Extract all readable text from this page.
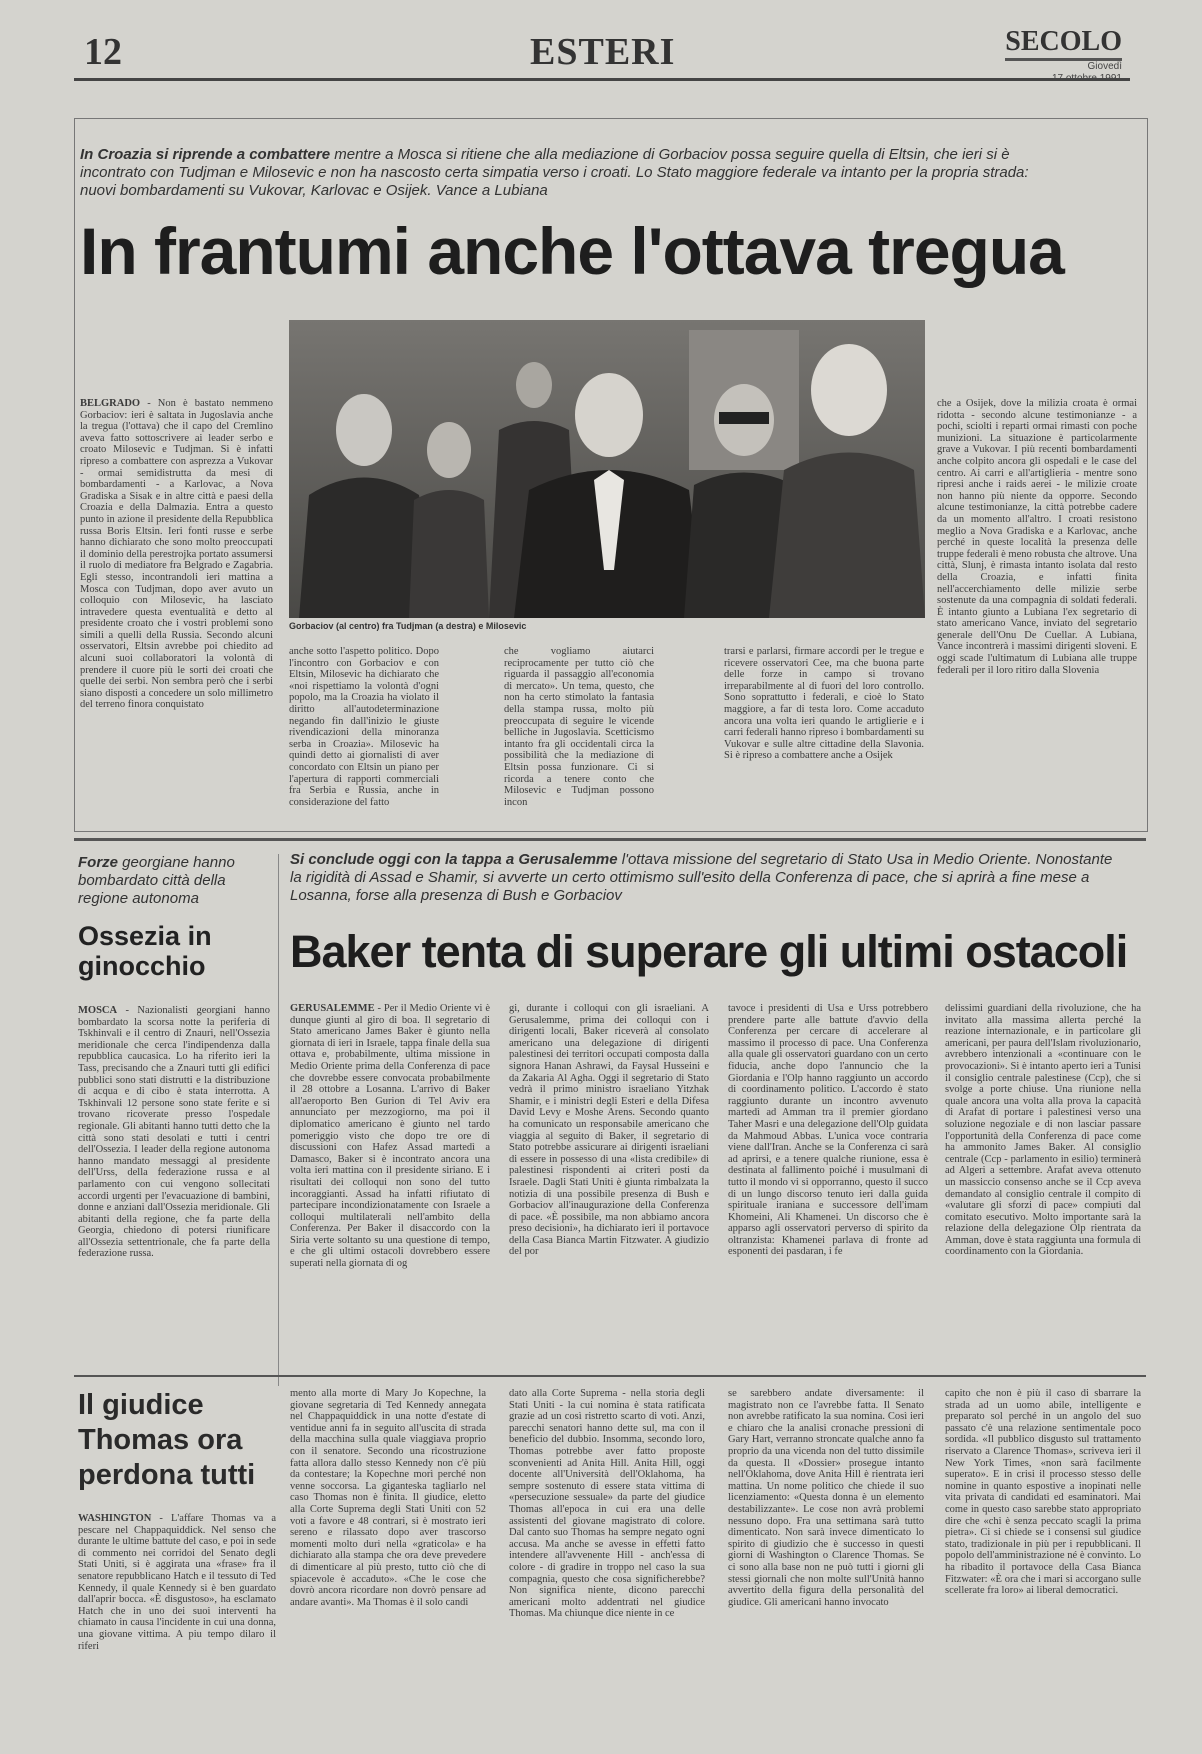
12	ESTERI	SECOLO
Giovedì
In Croazia si riprende a combattere mentre a Mosca si ritiene che alla mediazione di Gorbaciov possa seguire quella di Eltsin, che ieri si è incontrato con Tudjman e Milosevic e non ha nascosto certa simpatia verso i croati. Lo Stato maggiore federale va intanto per la propria strada: nuovi bombardamenti su Vukovar, Karlovac e Osijek. Vance a Lubiana
In frantumi anche l'ottava tregua
Gorbaciov (al centro) fra Tudjman (a destra) e Milosevic
BELGRADO - Non è bastato nemmeno Gorbaciov: ieri è saltata in Jugoslavia anche la tregua (l'ottava) che il capo del Cremlino aveva fatto sottoscrivere ai leader serbo e croato Milosevic e Tudjman. Si è infatti ripreso a combattere con asprezza a Vukovar - ormai semidistrutta da mesi di bombardamenti - a Karlovac, a Nova Gradiska a Sisak e in altre città e paesi della Croazia e della Dalmazia. Entra a questo punto in azione il presidente della Repubblica russa Boris Eltsin. Ieri fonti russe e serbe hanno dichiarato che sono molto preoccupati il dominio della perestrojka portato assumersi il ruolo di mediatore fra Belgrado e Zagabria. Egli stesso, incontrandoli ieri mattina a Mosca con Tudjman, dopo aver avuto un colloquio con Milosevic, ha lasciato intravedere questa eventualità e detto al presidente croato che i vostri problemi sono simili a quelli della Russia. Secondo alcuni osservatori, Eltsin avrebbe poi chiedito ad alcuni suoi collaboratori la volontà di prendere il cuore più le sorti dei croati che quelle dei serbi. Non sembra però che i serbi siano disposti a concedere un solo millimetro del terreno finora conquistato
anche sotto l'aspetto politico. Dopo l'incontro con Gorbaciov e con Eltsin, Milosevic ha dichiarato che «noi rispettiamo la volontà d'ogni popolo, ma la Croazia ha violato il diritto all'autodeterminazione negando fin dall'inizio le giuste rivendicazioni della minoranza serba in Croazia». Milosevic ha quindi detto ai giornalisti di aver concordato con Eltsin un piano per l'apertura di rapporti commerciali fra Serbia e Russia, anche in considerazione del fatto
che vogliamo aiutarci reciprocamente per tutto ciò che riguarda il passaggio all'economia di mercato». Un tema, questo, che non ha certo stimolato la fantasia della stampa russa, molto più preoccupata di seguire le vicende belliche in Jugoslavia. Scetticismo intanto fra gli occidentali circa la possibilità che la mediazione di Eltsin possa funzionare. Ci si ricorda a tenere conto che Milosevic e Tudjman possono incon
trarsi e parlarsi, firmare accordi per le tregue e ricevere osservatori Cee, ma che buona parte delle forze in campo si trovano irreparabilmente al di fuori del loro controllo. Sono soprattutto i federali, e cioè lo Stato maggiore, a far di testa loro. Come accaduto ancora una volta ieri quando le artiglierie e i carri federali hanno ripreso i bombardamenti su Vukovar e sulle altre cittadine della Slavonia. Si è ripreso a combattere anche a Osijek
che a Osijek, dove la milizia croata è ormai ridotta - secondo alcune testimonianze - a pochi, sciolti i reparti ormai rimasti con poche munizioni. La situazione è particolarmente grave a Vukovar. I più recenti bombardamenti anche colpito ancora gli ospedali e le case del centro. Ai carri e all'artiglieria - mentre sono ripresi anche i raids aerei - le milizie croate non hanno più niente da opporre. Secondo alcune testimonianze, la città potrebbe cadere da un momento all'altro. I croati resistono meglio a Nova Gradiska e a Karlovac, anche perché in queste località la presenza delle truppe federali è meno robusta che altrove. Una città, Slunj, è rimasta intanto isolata dal resto della Croazia, e infatti finita nell'accerchiamento delle milizie serbe sostenute da una compagnia di soldati federali. È intanto giunto a Lubiana l'ex segretario di stato americano Vance, inviato del segretario generale dell'Onu De Cuellar. A Lubiana, Vance incontrerà i massimi dirigenti sloveni. E oggi scade l'ultimatum di Lubiana alle truppe federali per il loro ritiro dalla Slovenia
Forze georgiane hanno bombardato città della regione autonoma
Ossezia in ginocchio
MOSCA - Nazionalisti georgiani hanno bombardato la scorsa notte la periferia di Tskhinvali e il centro di Znauri, nell'Ossezia meridionale che cerca l'indipendenza dalla repubblica caucasica. Lo ha riferito ieri la Tass, precisando che a Znauri tutti gli edifici pubblici sono stati distrutti e la distribuzione di acqua e di cibo è stata interrotta. A Tskhinvali 12 persone sono state ferite e si trovano ricoverate presso l'ospedale regionale. Gli abitanti hanno tutti detto che la città sono stati desolati e tutti i centri dell'Ossezia. I leader della regione autonoma hanno mandato messaggi al presidente dell'Urss, della federazione russa e al parlamento con cui vengono sollecitati accordi urgenti per l'evacuazione di bambini, donne e anziani dall'Ossezia meridionale. Gli abitanti della regione, che fa parte della Georgia, chiedono di potersi riunificare all'Ossezia settentrionale, che fa parte della federazione russa.
Si conclude oggi con la tappa a Gerusalemme l'ottava missione del segretario di Stato Usa in Medio Oriente. Nonostante la rigidità di Assad e Shamir, si avverte un certo ottimismo sull'esito della Conferenza di pace, che si aprirà a fine mese a Losanna, forse alla presenza di Bush e Gorbaciov
Baker tenta di superare gli ultimi ostacoli
GERUSALEMME - Per il Medio Oriente vi è dunque giunti al giro di boa. Il segretario di Stato americano James Baker è giunto nella giornata di ieri in Israele, tappa finale della sua ottava e, probabilmente, ultima missione in Medio Oriente prima della Conferenza di pace che dovrebbe essere convocata probabilmente il 28 ottobre a Losanna. L'arrivo di Baker all'aeroporto Ben Gurion di Tel Aviv era annunciato per mezzogiorno, ma poi il diplomatico americano è giunto nel tardo pomeriggio visto che dopo tre ore di discussioni con Hafez Assad martedì a Damasco, Baker si è incontrato ancora una volta ieri mattina con il presidente siriano. E i risultati dei colloqui non sono del tutto incoraggianti. Assad ha infatti rifiutato di partecipare incondizionatamente con Israele a colloqui multilaterali nell'ambito della Conferenza. Per Baker il disaccordo con la Siria verte soltanto su una questione di tempo, e che gli ultimi ostacoli dovrebbero essere superati nella giornata di og
gi, durante i colloqui con gli israeliani. A Gerusalemme, prima dei colloqui con i dirigenti locali, Baker riceverà al consolato americano una delegazione di dirigenti palestinesi dei territori occupati composta dalla signora Hanan Ashrawi, da Faysal Husseini e da Zakaria Al Agha. Oggi il segretario di Stato vedrà il primo ministro israeliano Yitzhak Shamir, e i ministri degli Esteri e della Difesa David Levy e Moshe Arens. Secondo quanto ha comunicato un responsabile americano che viaggia al seguito di Baker, il segretario di Stato potrebbe assicurare ai dirigenti israeliani di essere in possesso di una «lista credibile» di palestinesi rispondenti ai criteri posti da Israele. Dagli Stati Uniti è giunta rimbalzata la notizia di una possibile presenza di Bush e Gorbaciov all'inaugurazione della Conferenza di pace. «È possibile, ma non abbiamo ancora preso decisioni», ha dichiarato ieri il portavoce della Casa Bianca Martin Fitzwater. A giudizio del por
tavoce i presidenti di Usa e Urss potrebbero prendere parte alle battute d'avvio della Conferenza per cercare di accelerare al massimo il processo di pace. Una Conferenza alla quale gli osservatori guardano con un certo fiducia, anche dopo l'annuncio che la Giordania e l'Olp hanno raggiunto un accordo di coordinamento politico. L'accordo è stato raggiunto durante un incontro avvenuto martedì ad Amman tra il premier giordano Taher Masri e una delegazione dell'Olp guidata da Mahmoud Abbas. L'unica voce contraria viene dall'Iran. Anche se la Conferenza ci sarà ad aprirsi, e a tenere qualche riunione, essa è destinata al fallimento poiché i musulmani di tutto il mondo vi si opporranno, questo il succo di un lungo discorso tenuto ieri dalla guida spirituale iraniana e successore dell'imam Khomeini, Ali Khamenei. Un discorso che è apparso agli osservatori perverso di spirito da oltranzista: Khamenei parlava di fronte ad esponenti dei pasdaran, i fe
delissimi guardiani della rivoluzione, che ha invitato alla massima allerta perché la reazione internazionale, e in particolare gli americani, per paura dell'Islam rivoluzionario, avrebbero intenzionali a «continuare con le provocazioni». Si è intanto aperto ieri a Tunisi il consiglio centrale palestinese (Ccp), che si svolge a porte chiuse. Una riunione nella quale ancora una volta alla prova la capacità di Arafat di portare i palestinesi verso una soluzione negoziale e di non lasciar passare l'opportunità della Conferenza di pace come ha ammonito James Baker. Al consiglio centrale (Ccp - parlamento in esilio) terminerà ad Algeri a settembre. Arafat aveva ottenuto un massiccio consenso anche se il Ccp aveva demandato al consiglio centrale il compito di «valutare gli sforzi di pace» compiuti dal comitato esecutivo. Molto importante sarà la relazione della delegazione Olp rientrata da Amman, dove è stata raggiunta una formula di coordinamento con la Giordania.
Il giudice Thomas ora perdona tutti
WASHINGTON - L'affare Thomas va a pescare nel Chappaquiddick. Nel senso che durante le ultime battute del caso, e poi in sede di commento nei corridoi del Senato degli Stati Uniti, si è aggirata una «frase» fra il senatore repubblicano Hatch e il tessuto di Ted Kennedy, il quale Kennedy si è ben guardato dall'aprir bocca. «È disgustoso», ha esclamato Hatch che in uno dei suoi interventi ha chiamato in causa l'incidente in cui una donna, una giovane vittima. A piu tempo dilaro il riferi
mento alla morte di Mary Jo Kopechne, la giovane segretaria di Ted Kennedy annegata nel Chappaquiddick in una notte d'estate di ventidue anni fa in seguito all'uscita di strada della macchina sulla quale viaggiava proprio con il senatore. Secondo una ricostruzione fatta allora dallo stesso Kennedy non c'è più da contestare; la Kopechne morì perché non venne soccorsa. La giganteska tagliarlo nel caso Thomas non è finita. Il giudice, eletto alla Corte Suprema degli Stati Uniti con 52 voti a favore e 48 contrari, si è mostrato ieri sereno e rilassato dopo aver trascorso momenti molto duri nella «graticola» e ha dichiarato alla stampa che ora deve prevedere di dimenticare al più presto, tutto ciò che di spiacevole è accaduto». «Che le cose che dovrò ancora ricordare non dovrò pensare ad andare avanti». Ma Thomas è il solo candi
dato alla Corte Suprema - nella storia degli Stati Uniti - la cui nomina è stata ratificata grazie ad un così ristretto scarto di voti. Anzi, parecchi senatori hanno dette sul, ma con il beneficio del dubbio. Insomma, secondo loro, Thomas potrebbe aver fatto proposte sconvenienti ad Anita Hill. Anita Hill, oggi docente all'Università dell'Oklahoma, ha sempre sostenuto di essere stata vittima di «persecuzione sessuale» da parte del giudice Thomas all'epoca in cui era una delle assistenti del giovane magistrato di colore. Dal canto suo Thomas ha sempre negato ogni accusa. Ma anche se avesse in effetti fatto intendere all'avvenente Hill - anch'essa di colore - di gradire in troppo nel caso la sua compagnia, questo che cosa significherebbe? Non significa niente, dicono parecchi americani molto addentrati nel giudice Thomas. Ma chiunque dice niente in ce
se sarebbero andate diversamente: il magistrato non ce l'avrebbe fatta. Il Senato non avrebbe ratificato la sua nomina. Così ieri e chiaro che la analisi cronache pressioni di Gary Hart, verranno stroncate qualche anno fa proprio da una vicenda non del tutto dissimile da questa. Il «Dossier» prosegue intanto nell'Oklahoma, dove Anita Hill è rientrata ieri mattina. Un nome politico che chiede il suo licenziamento: «Questa donna è un elemento destabilizzante». Le cose non avrà problemi nessuno dopo. Fra una settimana sarà tutto dimenticato. Non sarà invece dimenticato lo spirito di giudizio che è successo in questi giorni di Washington o Clarence Thomas. Se ci sono alla base non ne può tutti i giorni gli stessi giornali che non molte sull'Unità hanno avvertito della figura della personalità del giudice. Gli americani hanno invocato
capito che non è più il caso di sbarrare la strada ad un uomo abile, intelligente e preparato sol perché in un angolo del suo passato c'è una relazione sentimentale poco sordida. «Il pubblico disgusto sul trattamento riservato a Clarence Thomas», scriveva ieri il New York Times, «non sarà facilmente superato». E in crisi il processo stesso delle nomine in quanto espostive a inopinati nelle vita privata di candidati ed esaminatori. Mai come in questo caso sarebbe stato appropriato dire che «chi è senza peccato scagli la prima pietra». Ci si chiede se i consensi sul giudice stato, tradizionale in più per i repubblicani. Il popolo dell'amministrazione né è convinto. Lo ha ribadito il portavoce della Casa Bianca Fitzwater: «È ora che i mari si accorgano sulle scellerate fra loro» ai liberal democratici.
